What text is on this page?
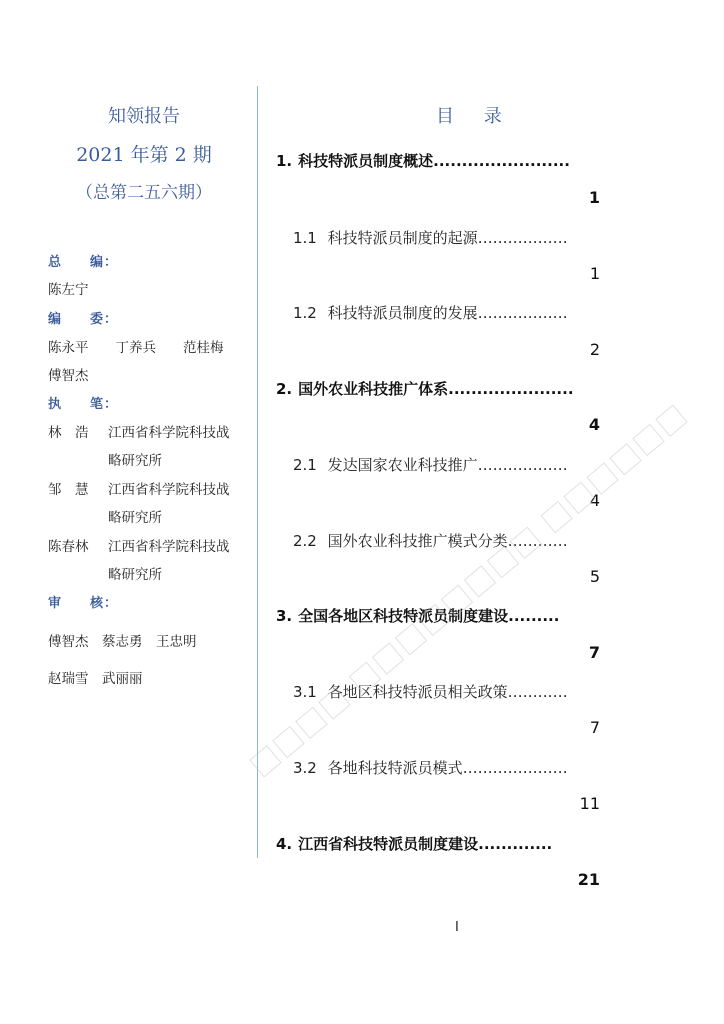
知领报告
2021 年第 2 期
（总第二五六期）
总　　编：
陈左宁
编　　委：
陈永平　　丁养兵　　范桂梅
傅智杰
执　　笔：
林　浩 江西省科学院科技战
略研究所
邹　慧 江西省科学院科技战
略研究所
陈春林 江西省科学院科技战
略研究所
审　　核：
傅智杰　蔡志勇　王忠明
赵瑞雪　武丽丽
目 录
1. 科技特派员制度概述........................
1
1.1 科技特派员制度的起源………………
1
1.2 科技特派员制度的发展………………
2
2. 国外农业科技推广体系......................
4
2.1 发达国家农业科技推广………………
4
2.2 国外农业科技推广模式分类…………
5
3. 全国各地区科技特派员制度建设.........
7
3.1 各地区科技特派员相关政策…………
7
3.2 各地科技特派员模式…………………
11
4. 江西省科技特派员制度建设.............
21
I
